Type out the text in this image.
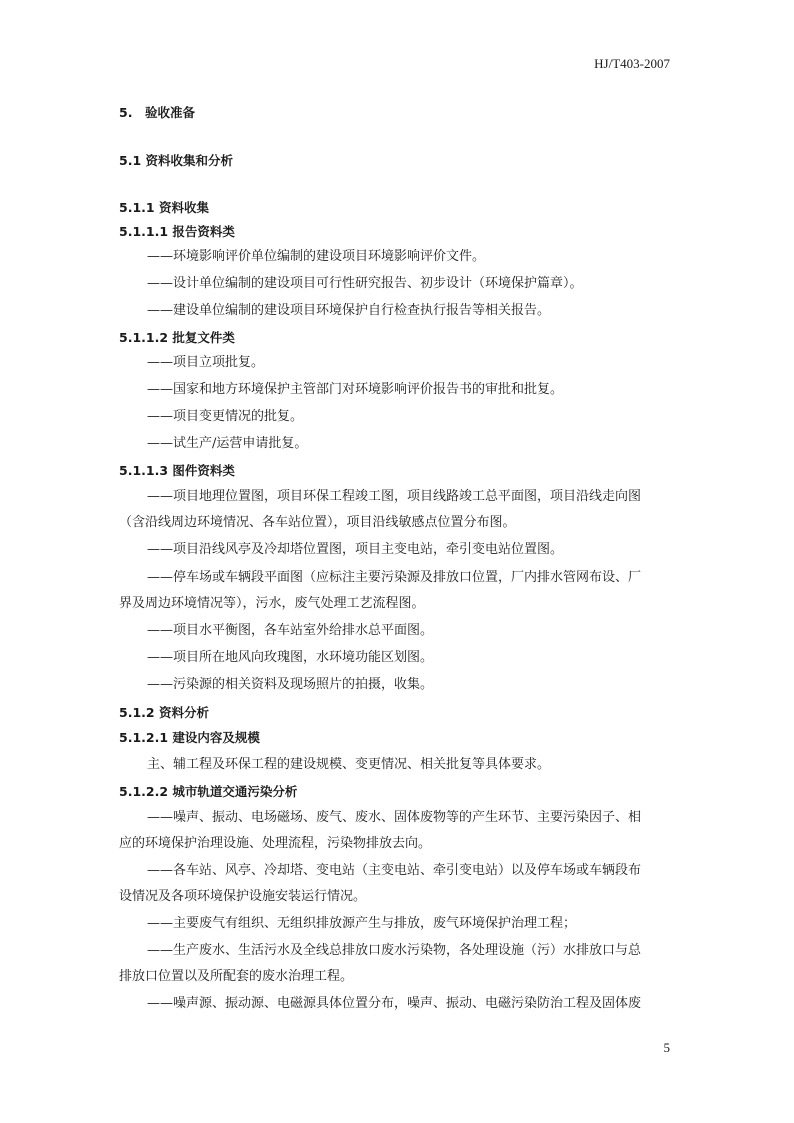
HJ/T403-2007
5.　验收准备
5.1 资料收集和分析
5.1.1 资料收集
5.1.1.1 报告资料类
——环境影响评价单位编制的建设项目环境影响评价文件。
——设计单位编制的建设项目可行性研究报告、初步设计（环境保护篇章）。
——建设单位编制的建设项目环境保护自行检查执行报告等相关报告。
5.1.1.2 批复文件类
——项目立项批复。
——国家和地方环境保护主管部门对环境影响评价报告书的审批和批复。
——项目变更情况的批复。
——试生产/运营申请批复。
5.1.1.3 图件资料类
——项目地理位置图，项目环保工程竣工图，项目线路竣工总平面图，项目沿线走向图
（含沿线周边环境情况、各车站位置），项目沿线敏感点位置分布图。
——项目沿线风亭及冷却塔位置图，项目主变电站，牵引变电站位置图。
——停车场或车辆段平面图（应标注主要污染源及排放口位置，厂内排水管网布设、厂
界及周边环境情况等），污水，废气处理工艺流程图。
——项目水平衡图，各车站室外给排水总平面图。
——项目所在地风向玫瑰图，水环境功能区划图。
——污染源的相关资料及现场照片的拍摄，收集。
5.1.2 资料分析
5.1.2.1 建设内容及规模
主、辅工程及环保工程的建设规模、变更情况、相关批复等具体要求。
5.1.2.2 城市轨道交通污染分析
——噪声、振动、电场磁场、废气、废水、固体废物等的产生环节、主要污染因子、相
应的环境保护治理设施、处理流程，污染物排放去向。
——各车站、风亭、冷却塔、变电站（主变电站、牵引变电站）以及停车场或车辆段布
设情况及各项环境保护设施安装运行情况。
——主要废气有组织、无组织排放源产生与排放，废气环境保护治理工程；
——生产废水、生活污水及全线总排放口废水污染物，各处理设施（污）水排放口与总
排放口位置以及所配套的废水治理工程。
——噪声源、振动源、电磁源具体位置分布，噪声、振动、电磁污染防治工程及固体废
5
